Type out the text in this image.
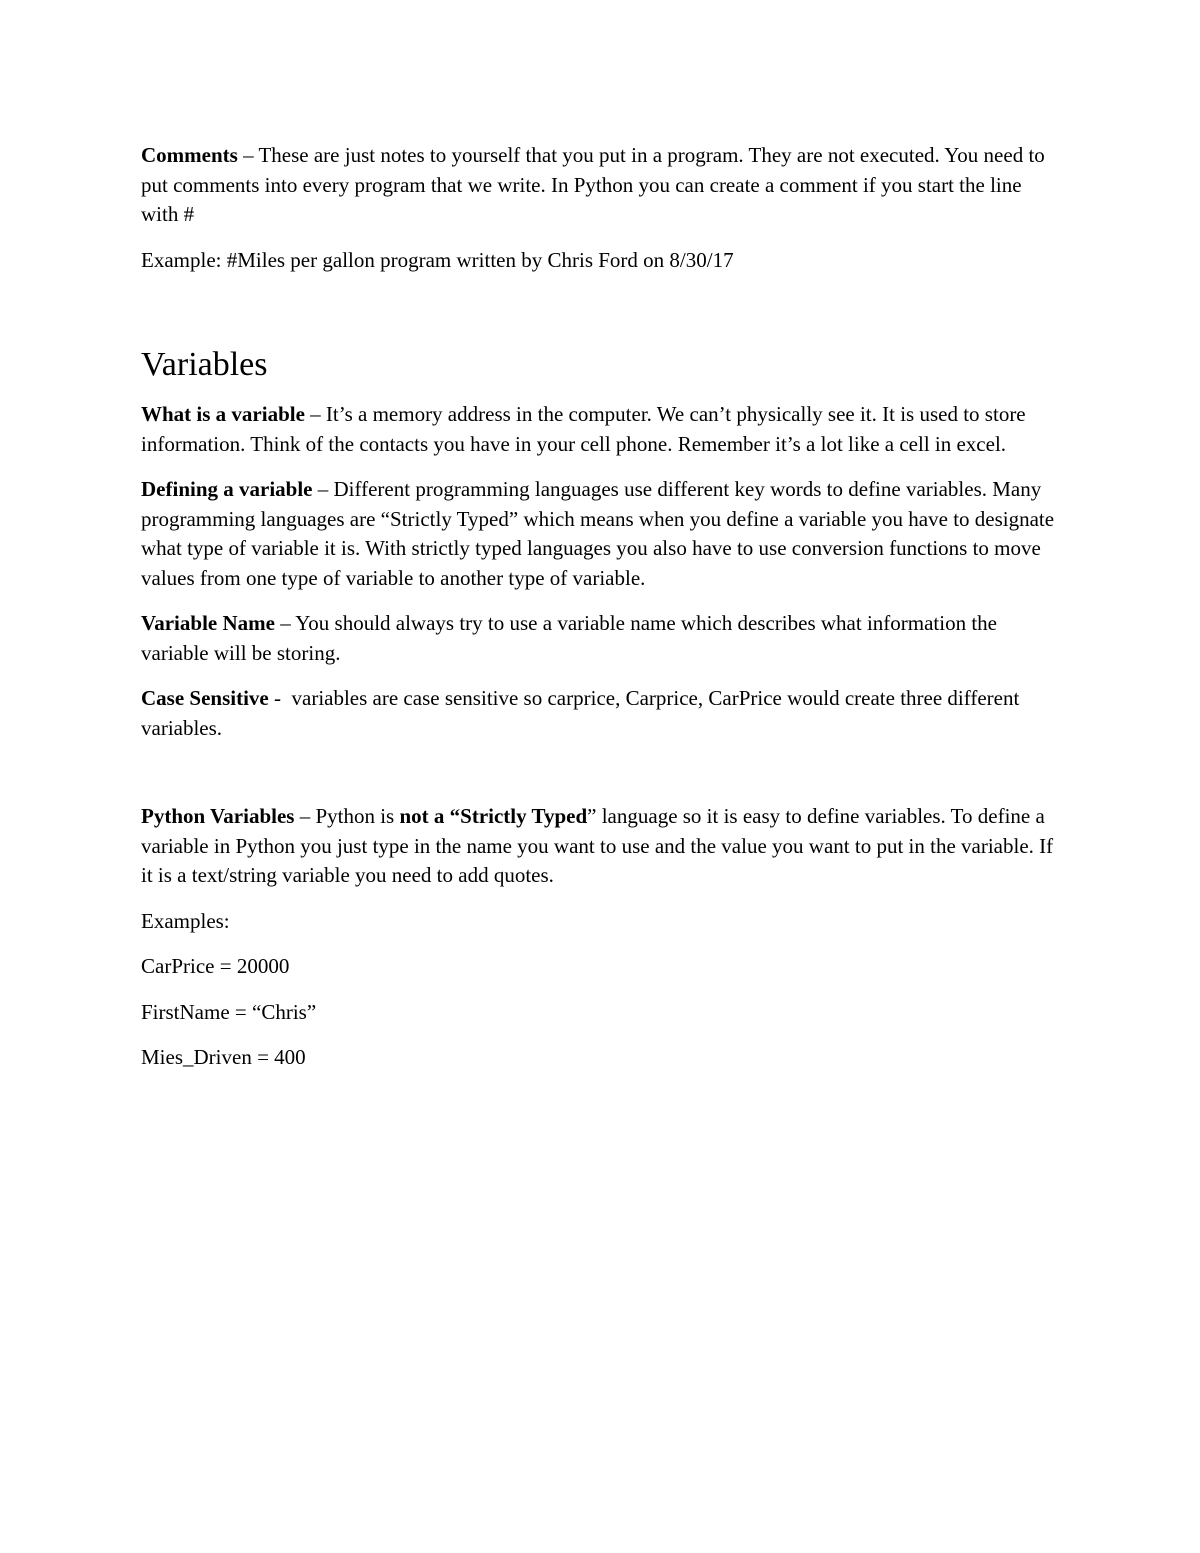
Comments – These are just notes to yourself that you put in a program. They are not executed. You need to put comments into every program that we write. In Python you can create a comment if you start the line with #

Example: #Miles per gallon program written by Chris Ford on 8/30/17

Variables

What is a variable – It’s a memory address in the computer. We can’t physically see it. It is used to store information. Think of the contacts you have in your cell phone. Remember it’s a lot like a cell in excel.

Defining a variable – Different programming languages use different key words to define variables. Many programming languages are “Strictly Typed” which means when you define a variable you have to designate what type of variable it is. With strictly typed languages you also have to use conversion functions to move values from one type of variable to another type of variable.

Variable Name – You should always try to use a variable name which describes what information the variable will be storing.

Case Sensitive -  variables are case sensitive so carprice, Carprice, CarPrice would create three different variables.

Python Variables – Python is not a “Strictly Typed” language so it is easy to define variables. To define a variable in Python you just type in the name you want to use and the value you want to put in the variable. If it is a text/string variable you need to add quotes.

Examples:

CarPrice = 20000

FirstName = “Chris”

Mies_Driven = 400
